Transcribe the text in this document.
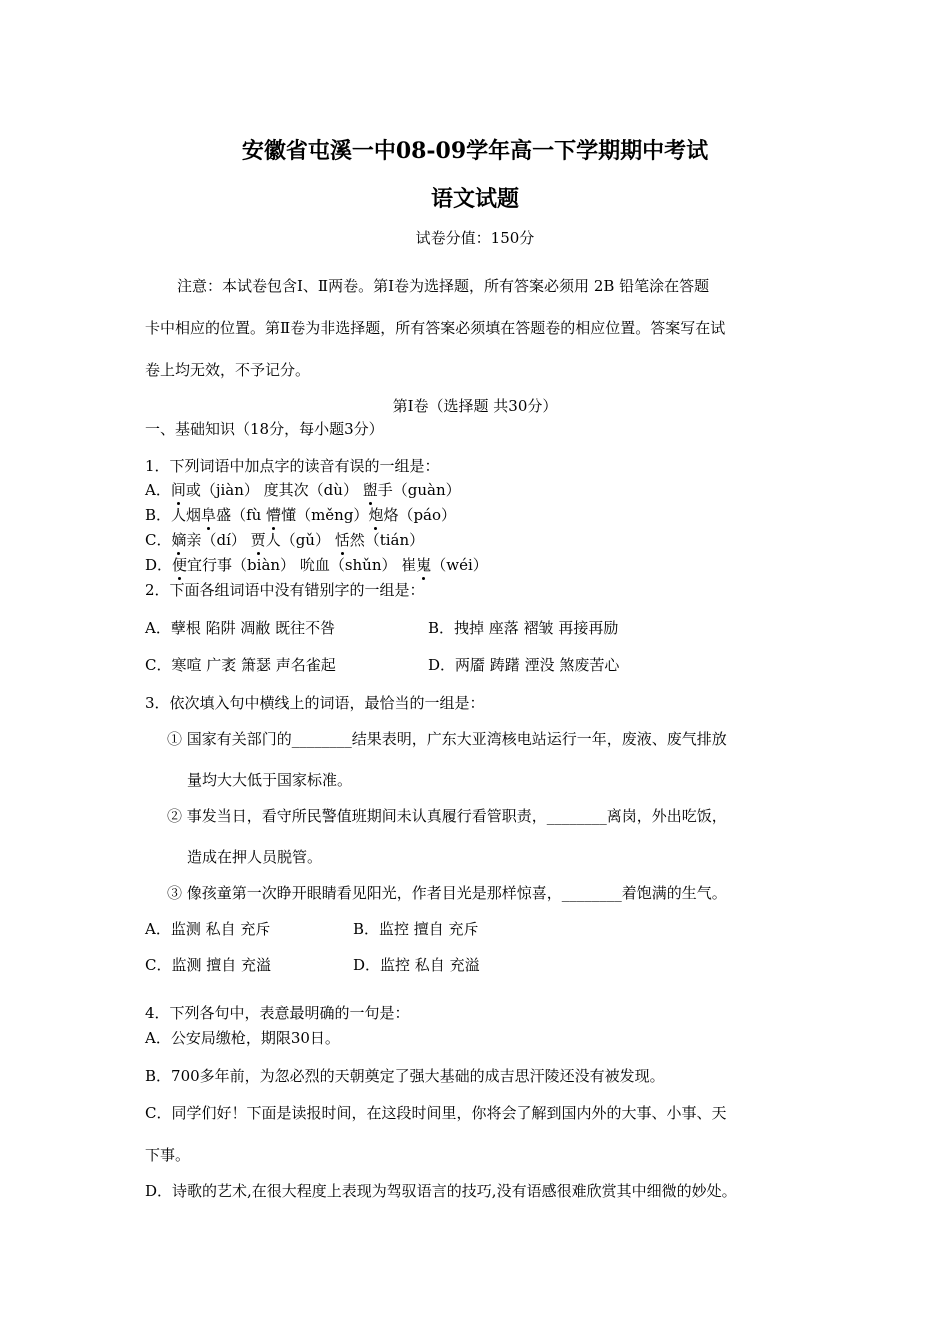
安徽省屯溪一中08-09学年高一下学期期中考试
语文试题
试卷分值：150分
注意：本试卷包含Ⅰ、Ⅱ两卷。第Ⅰ卷为选择题，所有答案必须用 2B 铅笔涂在答题
卡中相应的位置。第Ⅱ卷为非选择题，所有答案必须填在答题卷的相应位置。答案写在试
卷上均无效，不予记分。
第Ⅰ卷（选择题 共30分）
一、基础知识（18分，每小题3分）
1．下列词语中加点字的读音有误的一组是：
A．间或（jiàn） 度其次（dù） 盥手（guàn）
B．人烟阜盛（fù 懵懂（měng）炮烙（páo）
C．嫡亲（dí） 贾人（gǔ） 恬然（tián）
D．便宜行事（biàn） 吮血（shǔn） 崔嵬（wéi）
2．下面各组词语中没有错别字的一组是：
A．孽根 陷阱 凋敝 既往不咎	B．拽掉 座落 褶皱 再接再励
C．寒喧 广袤 箫瑟 声名雀起	D．两靥 踌躇 湮没 煞废苦心
3．依次填入句中横线上的词语，最恰当的一组是：
① 国家有关部门的________结果表明，广东大亚湾核电站运行一年，废液、废气排放
量均大大低于国家标准。
② 事发当日，看守所民警值班期间未认真履行看管职责，________离岗，外出吃饭，
造成在押人员脱管。
③ 像孩童第一次睁开眼睛看见阳光，作者目光是那样惊喜，________着饱满的生气。
A．监测 私自 充斥	B．监控 擅自 充斥
C．监测 擅自 充溢	D．监控 私自 充溢
4．下列各句中，表意最明确的一句是：
A．公安局缴枪，期限30日。
B．700多年前，为忽必烈的天朝奠定了强大基础的成吉思汗陵还没有被发现。
C．同学们好！下面是读报时间，在这段时间里，你将会了解到国内外的大事、小事、天
下事。
D．诗歌的艺术,在很大程度上表现为驾驭语言的技巧,没有语感很难欣赏其中细微的妙处。
